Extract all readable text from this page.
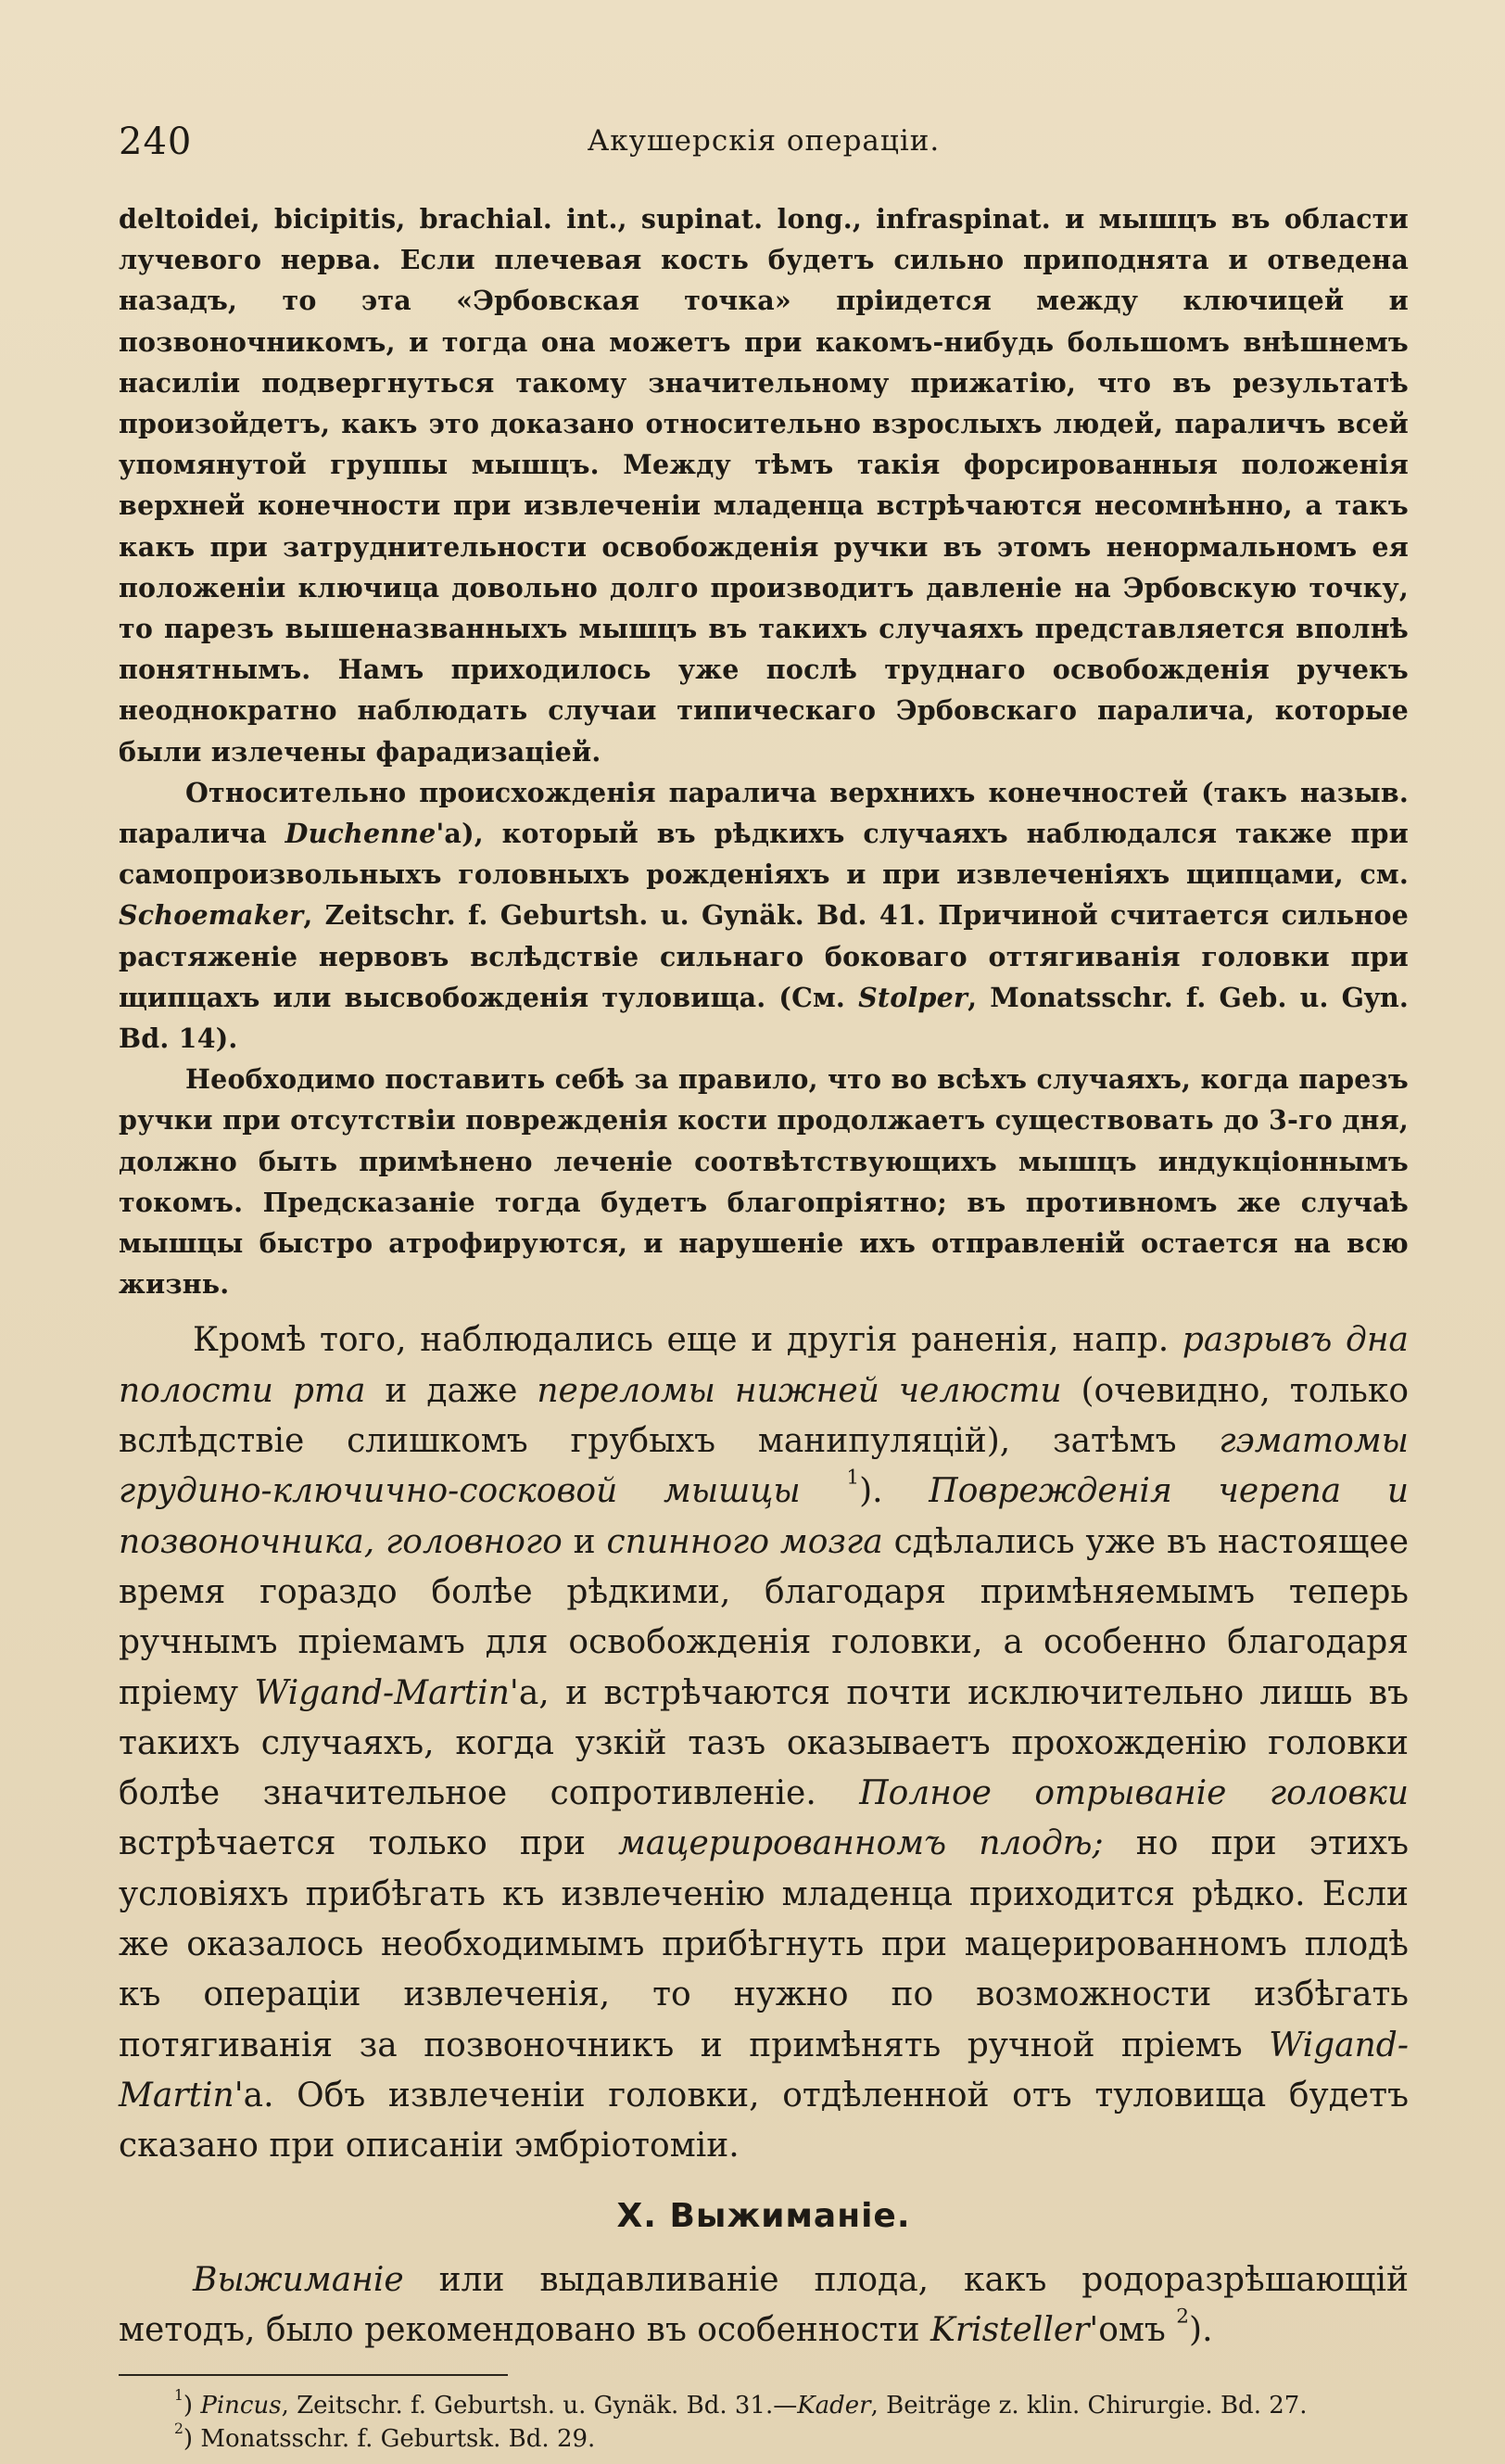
240	Акушерскія операціи.

deltoidei, bicipitis, brachial. int., supinat. long., infraspinat. и мышцъ въ области лучевого нерва. Если плечевая кость будетъ сильно приподнята и отведена назадъ, то эта «Эрбовская точка» пріидется между ключицей и позвоночникомъ, и тогда она можетъ при какомъ-нибудь большомъ внѣшнемъ насиліи подвергнуться такому значительному прижатію, что въ результатѣ произойдетъ, какъ это доказано относительно взрослыхъ людей, параличъ всей упомянутой группы мышцъ. Между тѣмъ такія форсированныя положенія верхней конечности при извлеченіи младенца встрѣчаются несомнѣнно, а такъ какъ при затруднительности освобожденія ручки въ этомъ ненормальномъ ея положеніи ключица довольно долго производитъ давленіе на Эрбовскую точку, то парезъ вышеназванныхъ мышцъ въ такихъ случаяхъ представляется вполнѣ понятнымъ. Намъ приходилось уже послѣ труднаго освобожденія ручекъ неоднократно наблюдать случаи типическаго Эрбовскаго паралича, которые были излечены фарадизаціей.

Относительно происхожденія паралича верхнихъ конечностей (такъ назыв. паралича Duchenne'а), который въ рѣдкихъ случаяхъ наблюдался также при самопроизвольныхъ головныхъ рожденіяхъ и при извлеченіяхъ щипцами, см. Schoemaker, Zeitschr. f. Geburtsh. u. Gynäk. Bd. 41. Причиной считается сильное растяженіе нервовъ вслѣдствіе сильнаго боковаго оттягиванія головки при щипцахъ или высвобожденія туловища. (См. Stolper, Monatsschr. f. Geb. u. Gyn. Bd. 14).

Необходимо поставить себѣ за правило, что во всѣхъ случаяхъ, когда парезъ ручки при отсутствіи поврежденія кости продолжаетъ существовать до 3-го дня, должно быть примѣнено леченіе соотвѣтствующихъ мышцъ индукціоннымъ токомъ. Предсказаніе тогда будетъ благопріятно; въ противномъ же случаѣ мышцы быстро атрофируются, и нарушеніе ихъ отправленій остается на всю жизнь.

Кромѣ того, наблюдались еще и другія раненія, напр. разрывъ дна полости рта и даже переломы нижней челюсти (очевидно, только вслѣдствіе слишкомъ грубыхъ манипуляцій), затѣмъ гэматомы грудино-ключично-сосковой мышцы $^1$). Поврежденія черепа и позвоночника, головного и спинного мозга сдѣлались уже въ настоящее время гораздо болѣе рѣдкими, благодаря примѣняемымъ теперь ручнымъ пріемамъ для освобожденія головки, а особенно благодаря пріему Wigand-Martin'а, и встрѣчаются почти исключительно лишь въ такихъ случаяхъ, когда узкій тазъ оказываетъ прохожденію головки болѣе значительное сопротивленіе. Полное отрываніе головки встрѣчается только при мацерированномъ плодѣ; но при этихъ условіяхъ прибѣгать къ извлеченію младенца приходится рѣдко. Если же оказалось необходимымъ прибѣгнуть при мацерированномъ плодѣ къ операціи извлеченія, то нужно по возможности избѣгать потягиванія за позвоночникъ и примѣнять ручной пріемъ Wigand-Martin'а. Объ извлеченіи головки, отдѣленной отъ туловища будетъ сказано при описаніи эмбріотоміи.

X. Выжиманіе.

Выжиманіе или выдавливаніе плода, какъ родоразрѣшающій методъ, было рекомендовано въ особенности Kristeller'омъ $^2$).

$^1$) Pincus, Zeitschr. f. Geburtsh. u. Gynäk. Bd. 31.—Kader, Beiträge z. klin. Chirurgie. Bd. 27.

$^2$) Monatsschr. f. Geburtsk. Bd. 29.
